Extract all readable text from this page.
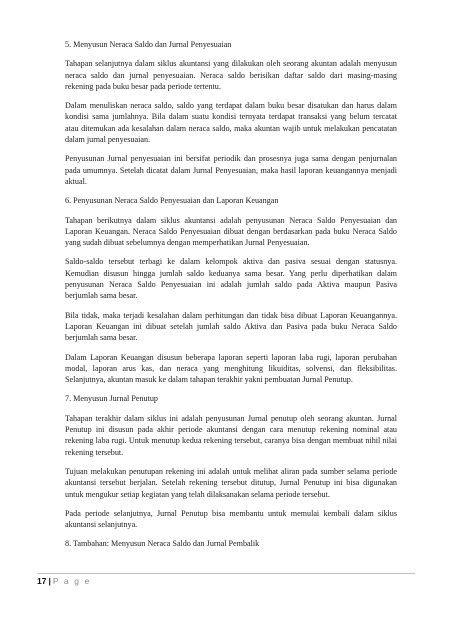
5. Menyusun Neraca Saldo dan Jurnal Penyesuaian

Tahapan selanjutnya dalam siklus akuntansi yang dilakukan oleh seorang akuntan adalah menyusun neraca saldo dan jurnal penyesuaian. Neraca saldo berisikan daftar saldo dari masing-masing rekening pada buku besar pada periode tertentu.

Dalam menuliskan neraca saldo, saldo yang terdapat dalam buku besar disatukan dan harus dalam kondisi sama jumlahnya. Bila dalam suatu kondisi ternyata terdapat transaksi yang belum tercatat atau ditemukan ada kesalahan dalam neraca saldo, maka akuntan wajib untuk melakukan pencatatan dalam jurnal penyesuaian.

Penyusunan Jurnal penyesuaian ini bersifat periodik dan prosesnya juga sama dengan penjurnalan pada umumnya. Setelah dicatat dalam Jurnal Penyesuaian, maka hasil laporan keuangannya menjadi aktual.

6. Penyusunan Neraca Saldo Penyesuaian dan Laporan Keuangan

Tahapan berikutnya dalam siklus akuntansi adalah penyusunan Neraca Saldo Penyesuaian dan Laporan Keuangan. Neraca Saldo Penyesuaian dibuat dengan berdasarkan pada buku Neraca Saldo yang sudah dibuat sebelumnya dengan memperhatikan Jurnal Penyesuaian.

Saldo-saldo tersebut terbagi ke dalam kelompok aktiva dan pasiva sesuai dengan statusnya. Kemudian disusun hingga jumlah saldo keduanya sama besar. Yang perlu diperhatikan dalam penyusunan Neraca Saldo Penyesuaian ini adalah jumlah saldo pada Aktiva maupun Pasiva berjumlah sama besar.

Bila tidak, maka terjadi kesalahan dalam perhitungan dan tidak bisa dibuat Laporan Keuangannya. Laporan Keuangan ini dibuat setelah jumlah saldo Aktiva dan Pasiva pada buku Neraca Saldo berjumlah sama besar.

Dalam Laporan Keuangan disusun beberapa laporan seperti laporan laba rugi, laporan perubahan modal, laporan arus kas, dan neraca yang menghitung likuiditas, solvensi, dan fleksibilitas. Selanjutnya, akuntan masuk ke dalam tahapan terakhir yakni pembuatan Jurnal Penutup.

7. Menyusun Jurnal Penutup

Tahapan terakhir dalam siklus ini adalah penyusunan Jurnal penutup oleh seorang akuntan. Jurnal Penutup ini disusun pada akhir periode akuntansi dengan cara menutup rekening nominal atau rekening laba rugi. Untuk menutup kedua rekening tersebut, caranya bisa dengan membuat nihil nilai rekening tersebut.

Tujuan melakukan penutupan rekening ini adalah untuk melihat aliran pada sumber selama periode akuntansi tersebut berjalan. Setelah rekening tersebut ditutup, Jurnal Penutup ini bisa digunakan untuk mengukur setiap kegiatan yang telah dilaksanakan selama periode tersebut.

Pada periode selanjutnya, Jurnal Penutup bisa membantu untuk memulai kembali dalam siklus akuntansi selanjutnya.

8. Tambahan: Menyusun Neraca Saldo dan Jurnal Pembalik

17 | P a g e
